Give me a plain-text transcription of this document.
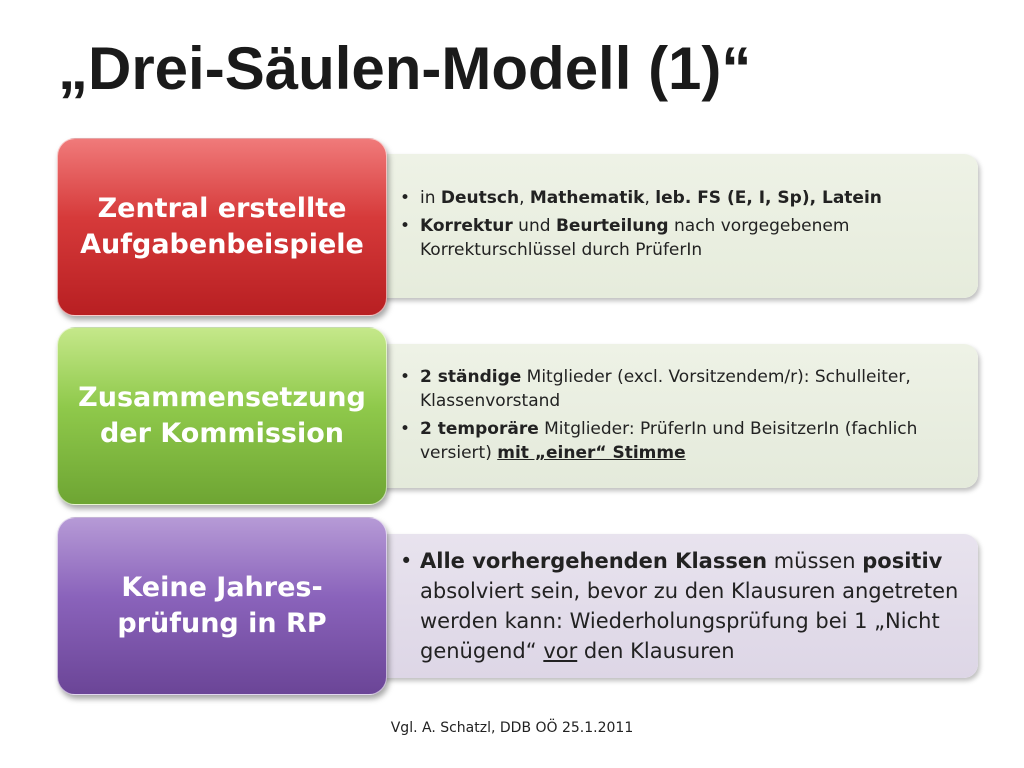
„Drei-Säulen-Modell (1)“
Zentral erstellte Aufgabenbeispiele
• in Deutsch, Mathematik, leb. FS (E, I, Sp), Latein
• Korrektur und Beurteilung nach vorgegebenem Korrekturschlüssel durch PrüferIn
Zusammensetzung der Kommission
• 2 ständige Mitglieder (excl. Vorsitzendem/r): Schulleiter, Klassenvorstand
• 2 temporäre Mitglieder: PrüferIn und BeisitzerIn (fachlich versiert) mit „einer“ Stimme
Keine Jahres-prüfung in RP
• Alle vorhergehenden Klassen müssen positiv absolviert sein, bevor zu den Klausuren angetreten werden kann: Wiederholungsprüfung bei 1 „Nicht genügend“ vor den Klausuren
Vgl. A. Schatzl, DDB OÖ 25.1.2011
